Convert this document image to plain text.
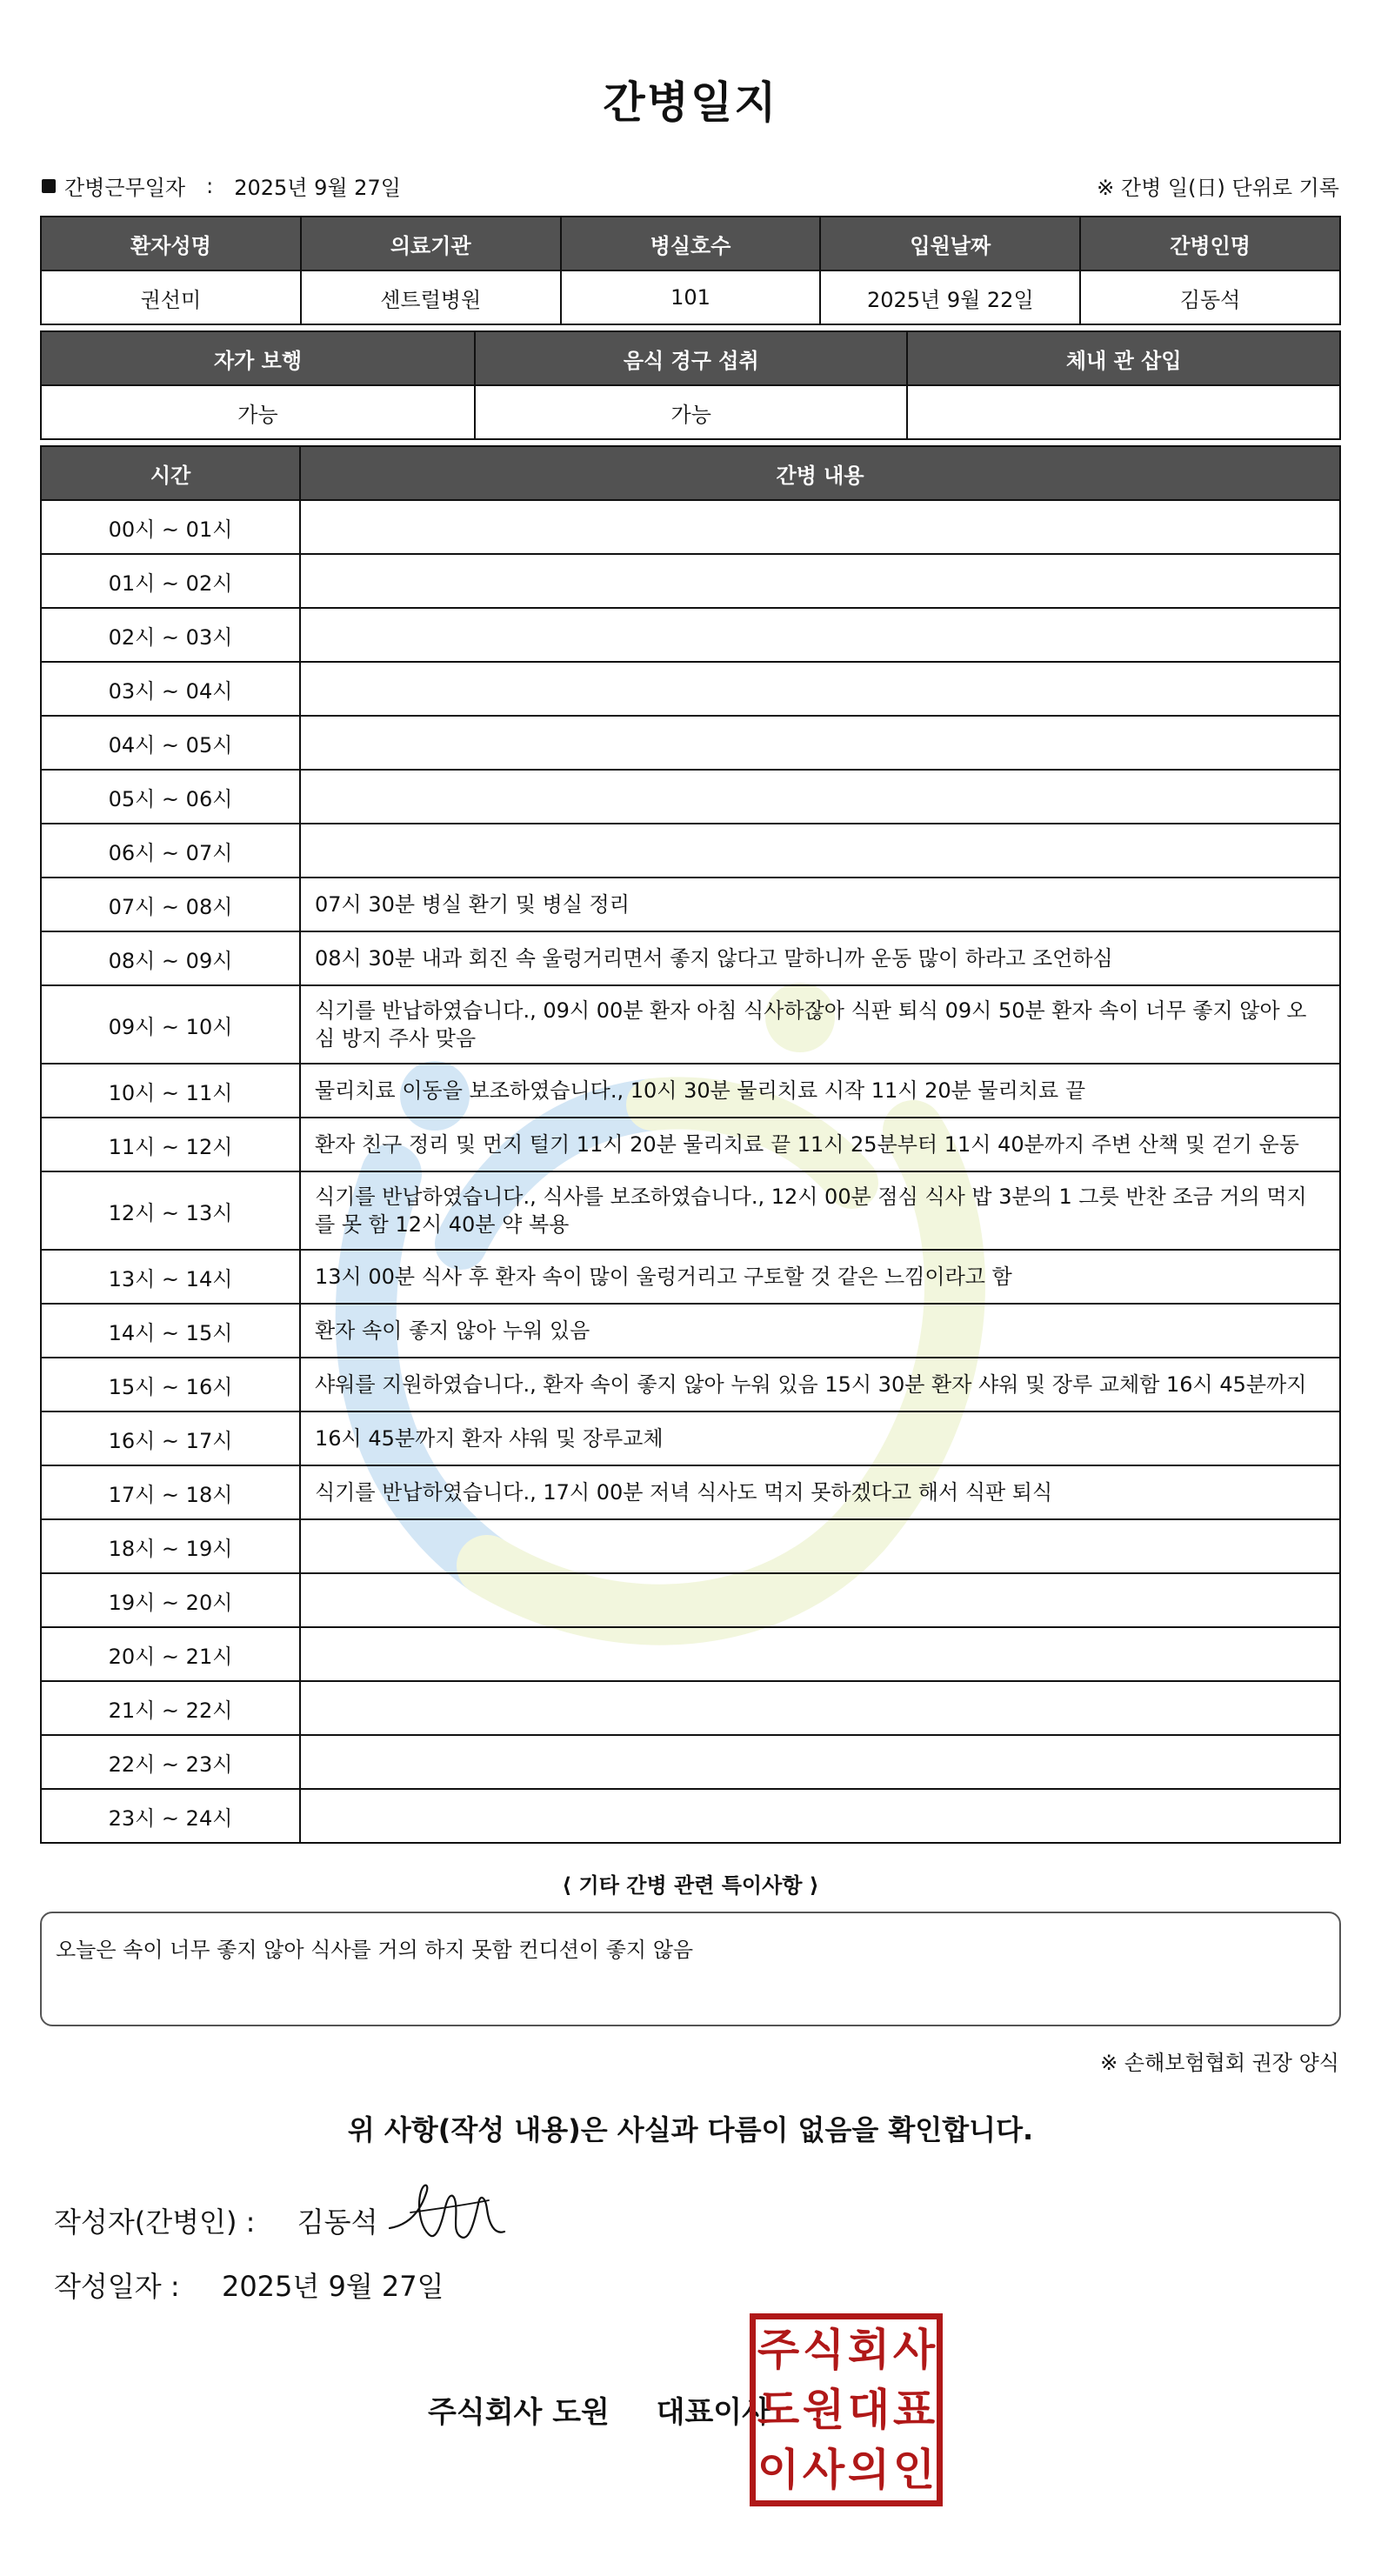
간병일지
간병근무일자 : 2025년 9월 27일	※ 간병 일(日) 단위로 기록
환자성명	의료기관	병실호수	입원날짜	간병인명
권선미	센트럴병원	101	2025년 9월 22일	김동석
자가 보행	음식 경구 섭취	체내 관 삽입
가능	가능	
시간	간병 내용
00시 ~ 01시	
01시 ~ 02시	
02시 ~ 03시	
03시 ~ 04시	
04시 ~ 05시	
05시 ~ 06시	
06시 ~ 07시	
07시 ~ 08시	07시 30분 병실 환기 및 병실 정리
08시 ~ 09시	08시 30분 내과 회진 속 울렁거리면서 좋지 않다고 말하니까 운동 많이 하라고 조언하심
09시 ~ 10시	식기를 반납하였습니다., 09시 00분 환자 아침 식사하잖아 식판 퇴식 09시 50분 환자 속이 너무 좋지 않아 오심 방지 주사 맞음
10시 ~ 11시	물리치료 이동을 보조하였습니다., 10시 30분 물리치료 시작 11시 20분 물리치료 끝
11시 ~ 12시	환자 친구 정리 및 먼지 털기 11시 20분 물리치료 끝 11시 25분부터 11시 40분까지 주변 산책 및 걷기 운동
12시 ~ 13시	식기를 반납하였습니다., 식사를 보조하였습니다., 12시 00분 점심 식사 밥 3분의 1 그릇 반찬 조금 거의 먹지를 못 함 12시 40분 약 복용
13시 ~ 14시	13시 00분 식사 후 환자 속이 많이 울렁거리고 구토할 것 같은 느낌이라고 함
14시 ~ 15시	환자 속이 좋지 않아 누워 있음
15시 ~ 16시	샤워를 지원하였습니다., 환자 속이 좋지 않아 누워 있음 15시 30분 환자 샤워 및 장루 교체함 16시 45분까지
16시 ~ 17시	16시 45분까지 환자 샤워 및 장루교체
17시 ~ 18시	식기를 반납하였습니다., 17시 00분 저녁 식사도 먹지 못하겠다고 해서 식판 퇴식
18시 ~ 19시	
19시 ~ 20시	
20시 ~ 21시	
21시 ~ 22시	
22시 ~ 23시	
23시 ~ 24시	
⟨ 기타 간병 관련 특이사항 ⟩
오늘은 속이 너무 좋지 않아 식사를 거의 하지 못함 컨디션이 좋지 않음
※ 손해보험협회 권장 양식
위 사항(작성 내용)은 사실과 다름이 없음을 확인합니다.
작성자(간병인) : 김동석
작성일자 : 2025년 9월 27일
주식회사 도원 대표이사
주 식 회 사
도 원 대 표
이 사 의 인
